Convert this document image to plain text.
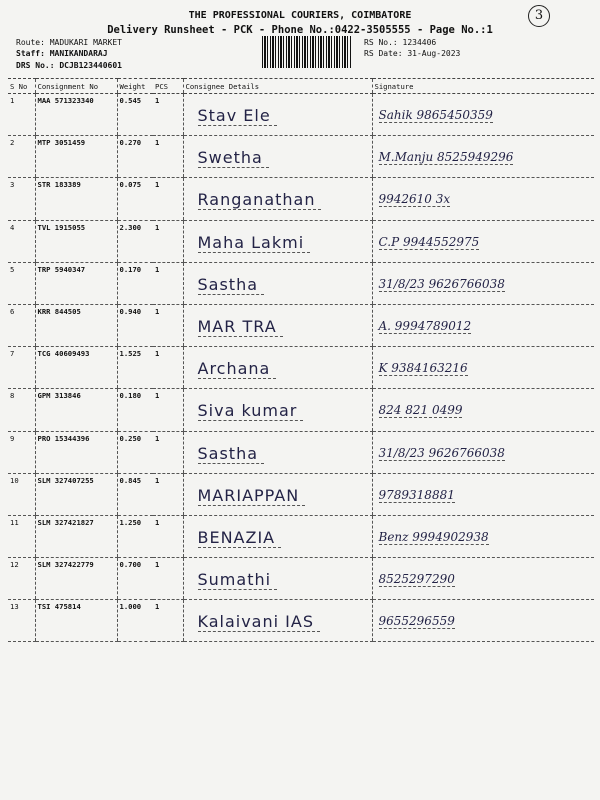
THE PROFESSIONAL COURIERS, COIMBATORE	3
Delivery Runsheet - PCK - Phone No.:0422-3505555 - Page No.:1
Route: MADUKARI MARKET
Staff: MANIKANDARAJ
DRS No.: DCJB123440601
RS No.: 1234406
RS Date: 31-Aug-2023
S No	Consignment No	Weight	PCS	Consignee Details	Signature
1	MAA 571323340	0.545	1	Stav Ele	Sahik 9865450359

2	MTP 3051459	0.270	1	Swetha	M.Manju 8525949296

3	STR 183389	0.075	1	Ranganathan	9942610 3x

4	TVL 1915055	2.300	1	Maha Lakmi	C.P 9944552975

5	TRP 5940347	0.170	1	Sastha	31/8/23 9626766038

6	KRR 844505	0.940	1	MAR TRA	A. 9994789012

7	TCG 40609493	1.525	1	Archana	K 9384163216

8	GPM 313846	0.180	1	Siva kumar	824 821 0499

9	PRO 15344396	0.250	1	Sastha	31/8/23 9626766038

10	SLM 327407255	0.845	1	MARIAPPAN	9789318881

11	SLM 327421827	1.250	1	BENAZIA	Benz 9994902938

12	SLM 327422779	0.700	1	Sumathi	8525297290

13	TSI 475814	1.000	1	Kalaivani IAS	9655296559
